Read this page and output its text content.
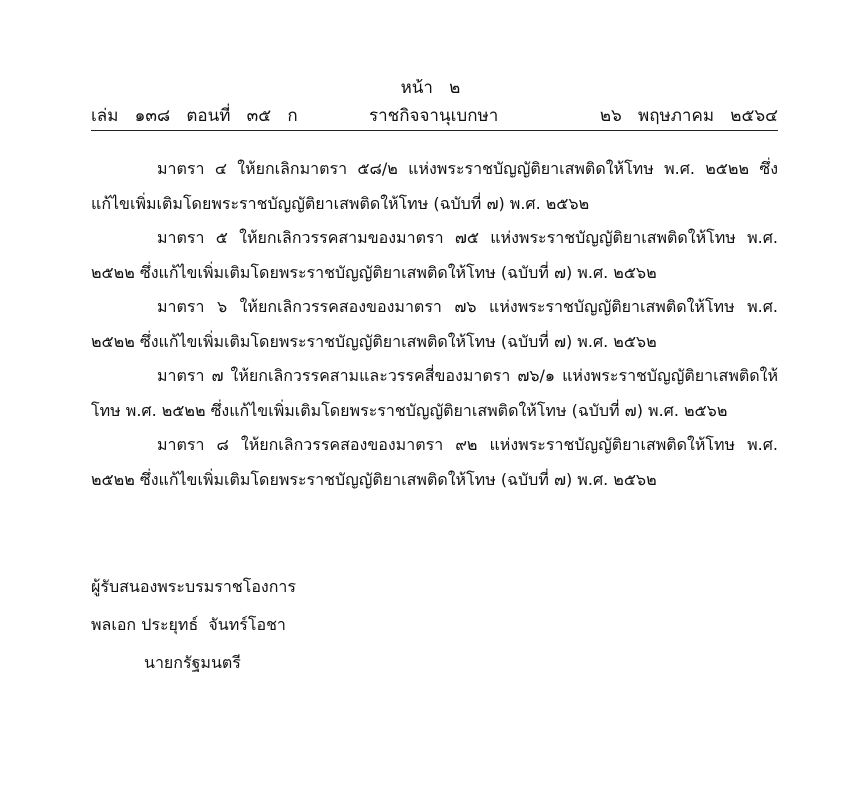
หน้า   ๒
เล่ม   ๑๓๘   ตอนที่   ๓๕   ก	ราชกิจจานุเบกษา	๒๖   พฤษภาคม   ๒๕๖๔

มาตรา ๔ ให้ยกเลิกมาตรา ๕๘/๒ แห่งพระราชบัญญัติยาเสพติดให้โทษ พ.ศ. ๒๕๒๒ ซึ่งแก้ไขเพิ่มเติมโดยพระราชบัญญัติยาเสพติดให้โทษ (ฉบับที่ ๗) พ.ศ. ๒๕๖๒

มาตรา ๕ ให้ยกเลิกวรรคสามของมาตรา ๗๕ แห่งพระราชบัญญัติยาเสพติดให้โทษ พ.ศ. ๒๕๒๒ ซึ่งแก้ไขเพิ่มเติมโดยพระราชบัญญัติยาเสพติดให้โทษ (ฉบับที่ ๗) พ.ศ. ๒๕๖๒

มาตรา ๖ ให้ยกเลิกวรรคสองของมาตรา ๗๖ แห่งพระราชบัญญัติยาเสพติดให้โทษ พ.ศ. ๒๕๒๒ ซึ่งแก้ไขเพิ่มเติมโดยพระราชบัญญัติยาเสพติดให้โทษ (ฉบับที่ ๗) พ.ศ. ๒๕๖๒

มาตรา ๗ ให้ยกเลิกวรรคสามและวรรคสี่ของมาตรา ๗๖/๑ แห่งพระราชบัญญัติยาเสพติดให้โทษ พ.ศ. ๒๕๒๒ ซึ่งแก้ไขเพิ่มเติมโดยพระราชบัญญัติยาเสพติดให้โทษ (ฉบับที่ ๗) พ.ศ. ๒๕๖๒

มาตรา ๘ ให้ยกเลิกวรรคสองของมาตรา ๙๒ แห่งพระราชบัญญัติยาเสพติดให้โทษ พ.ศ. ๒๕๒๒ ซึ่งแก้ไขเพิ่มเติมโดยพระราชบัญญัติยาเสพติดให้โทษ (ฉบับที่ ๗) พ.ศ. ๒๕๖๒

ผู้รับสนองพระบรมราชโองการ
พลเอก ประยุทธ์  จันทร์โอชา
นายกรัฐมนตรี
